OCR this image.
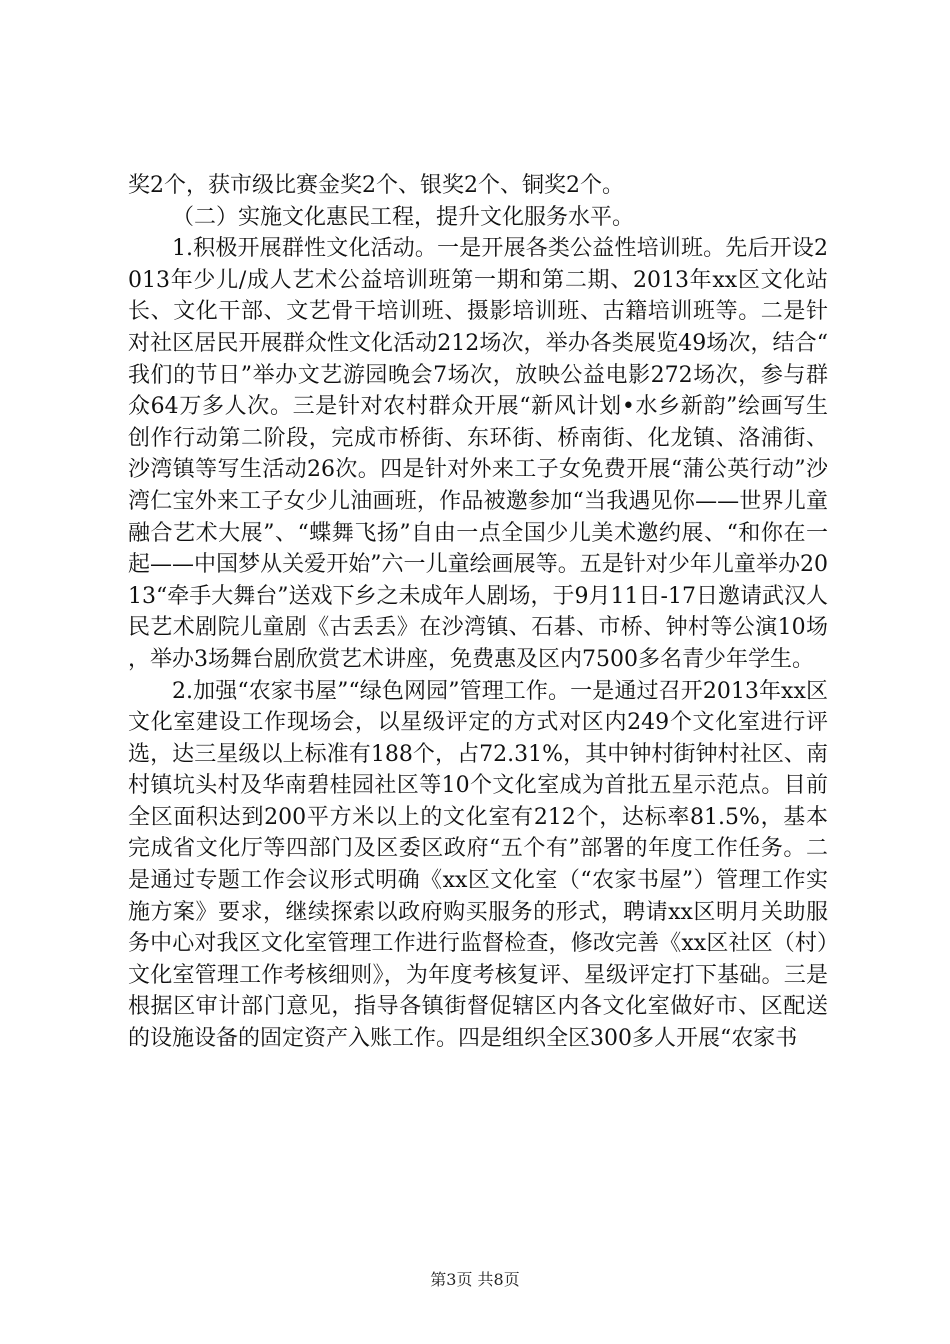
奖2个，获市级比赛金奖2个、银奖2个、铜奖2个。

（二）实施文化惠民工程，提升文化服务水平。

1.积极开展群性文化活动。一是开展各类公益性培训班。先后开设2013年少儿/成人艺术公益培训班第一期和第二期、2013年xx区文化站长、文化干部、文艺骨干培训班、摄影培训班、古籍培训班等。二是针对社区居民开展群众性文化活动212场次，举办各类展览49场次，结合“我们的节日”举办文艺游园晚会7场次，放映公益电影272场次，参与群众64万多人次。三是针对农村群众开展“新风计划•水乡新韵”绘画写生创作行动第二阶段，完成市桥街、东环街、桥南街、化龙镇、洛浦街、沙湾镇等写生活动26次。四是针对外来工子女免费开展“蒲公英行动”沙湾仁宝外来工子女少儿油画班，作品被邀参加“当我遇见你——世界儿童融合艺术大展”、“蝶舞飞扬”自由一点全国少儿美术邀约展、“和你在一起——中国梦从关爱开始”六一儿童绘画展等。五是针对少年儿童举办2013“牵手大舞台”送戏下乡之未成年人剧场，于9月11日-17日邀请武汉人民艺术剧院儿童剧《古丢丢》在沙湾镇、石碁、市桥、钟村等公演10场，举办3场舞台剧欣赏艺术讲座，免费惠及区内7500多名青少年学生。

2.加强“农家书屋”“绿色网园”管理工作。一是通过召开2013年xx区文化室建设工作现场会，以星级评定的方式对区内249个文化室进行评选，达三星级以上标准有188个，占72.31%，其中钟村街钟村社区、南村镇坑头村及华南碧桂园社区等10个文化室成为首批五星示范点。目前全区面积达到200平方米以上的文化室有212个，达标率81.5%，基本完成省文化厅等四部门及区委区政府“五个有”部署的年度工作任务。二是通过专题工作会议形式明确《xx区文化室（“农家书屋”）管理工作实施方案》要求，继续探索以政府购买服务的形式，聘请xx区明月关助服务中心对我区文化室管理工作进行监督检查，修改完善《xx区社区（村）文化室管理工作考核细则》，为年度考核复评、星级评定打下基础。三是根据区审计部门意见，指导各镇街督促辖区内各文化室做好市、区配送的设施设备的固定资产入账工作。四是组织全区300多人开展“农家书

第3页 共8页
